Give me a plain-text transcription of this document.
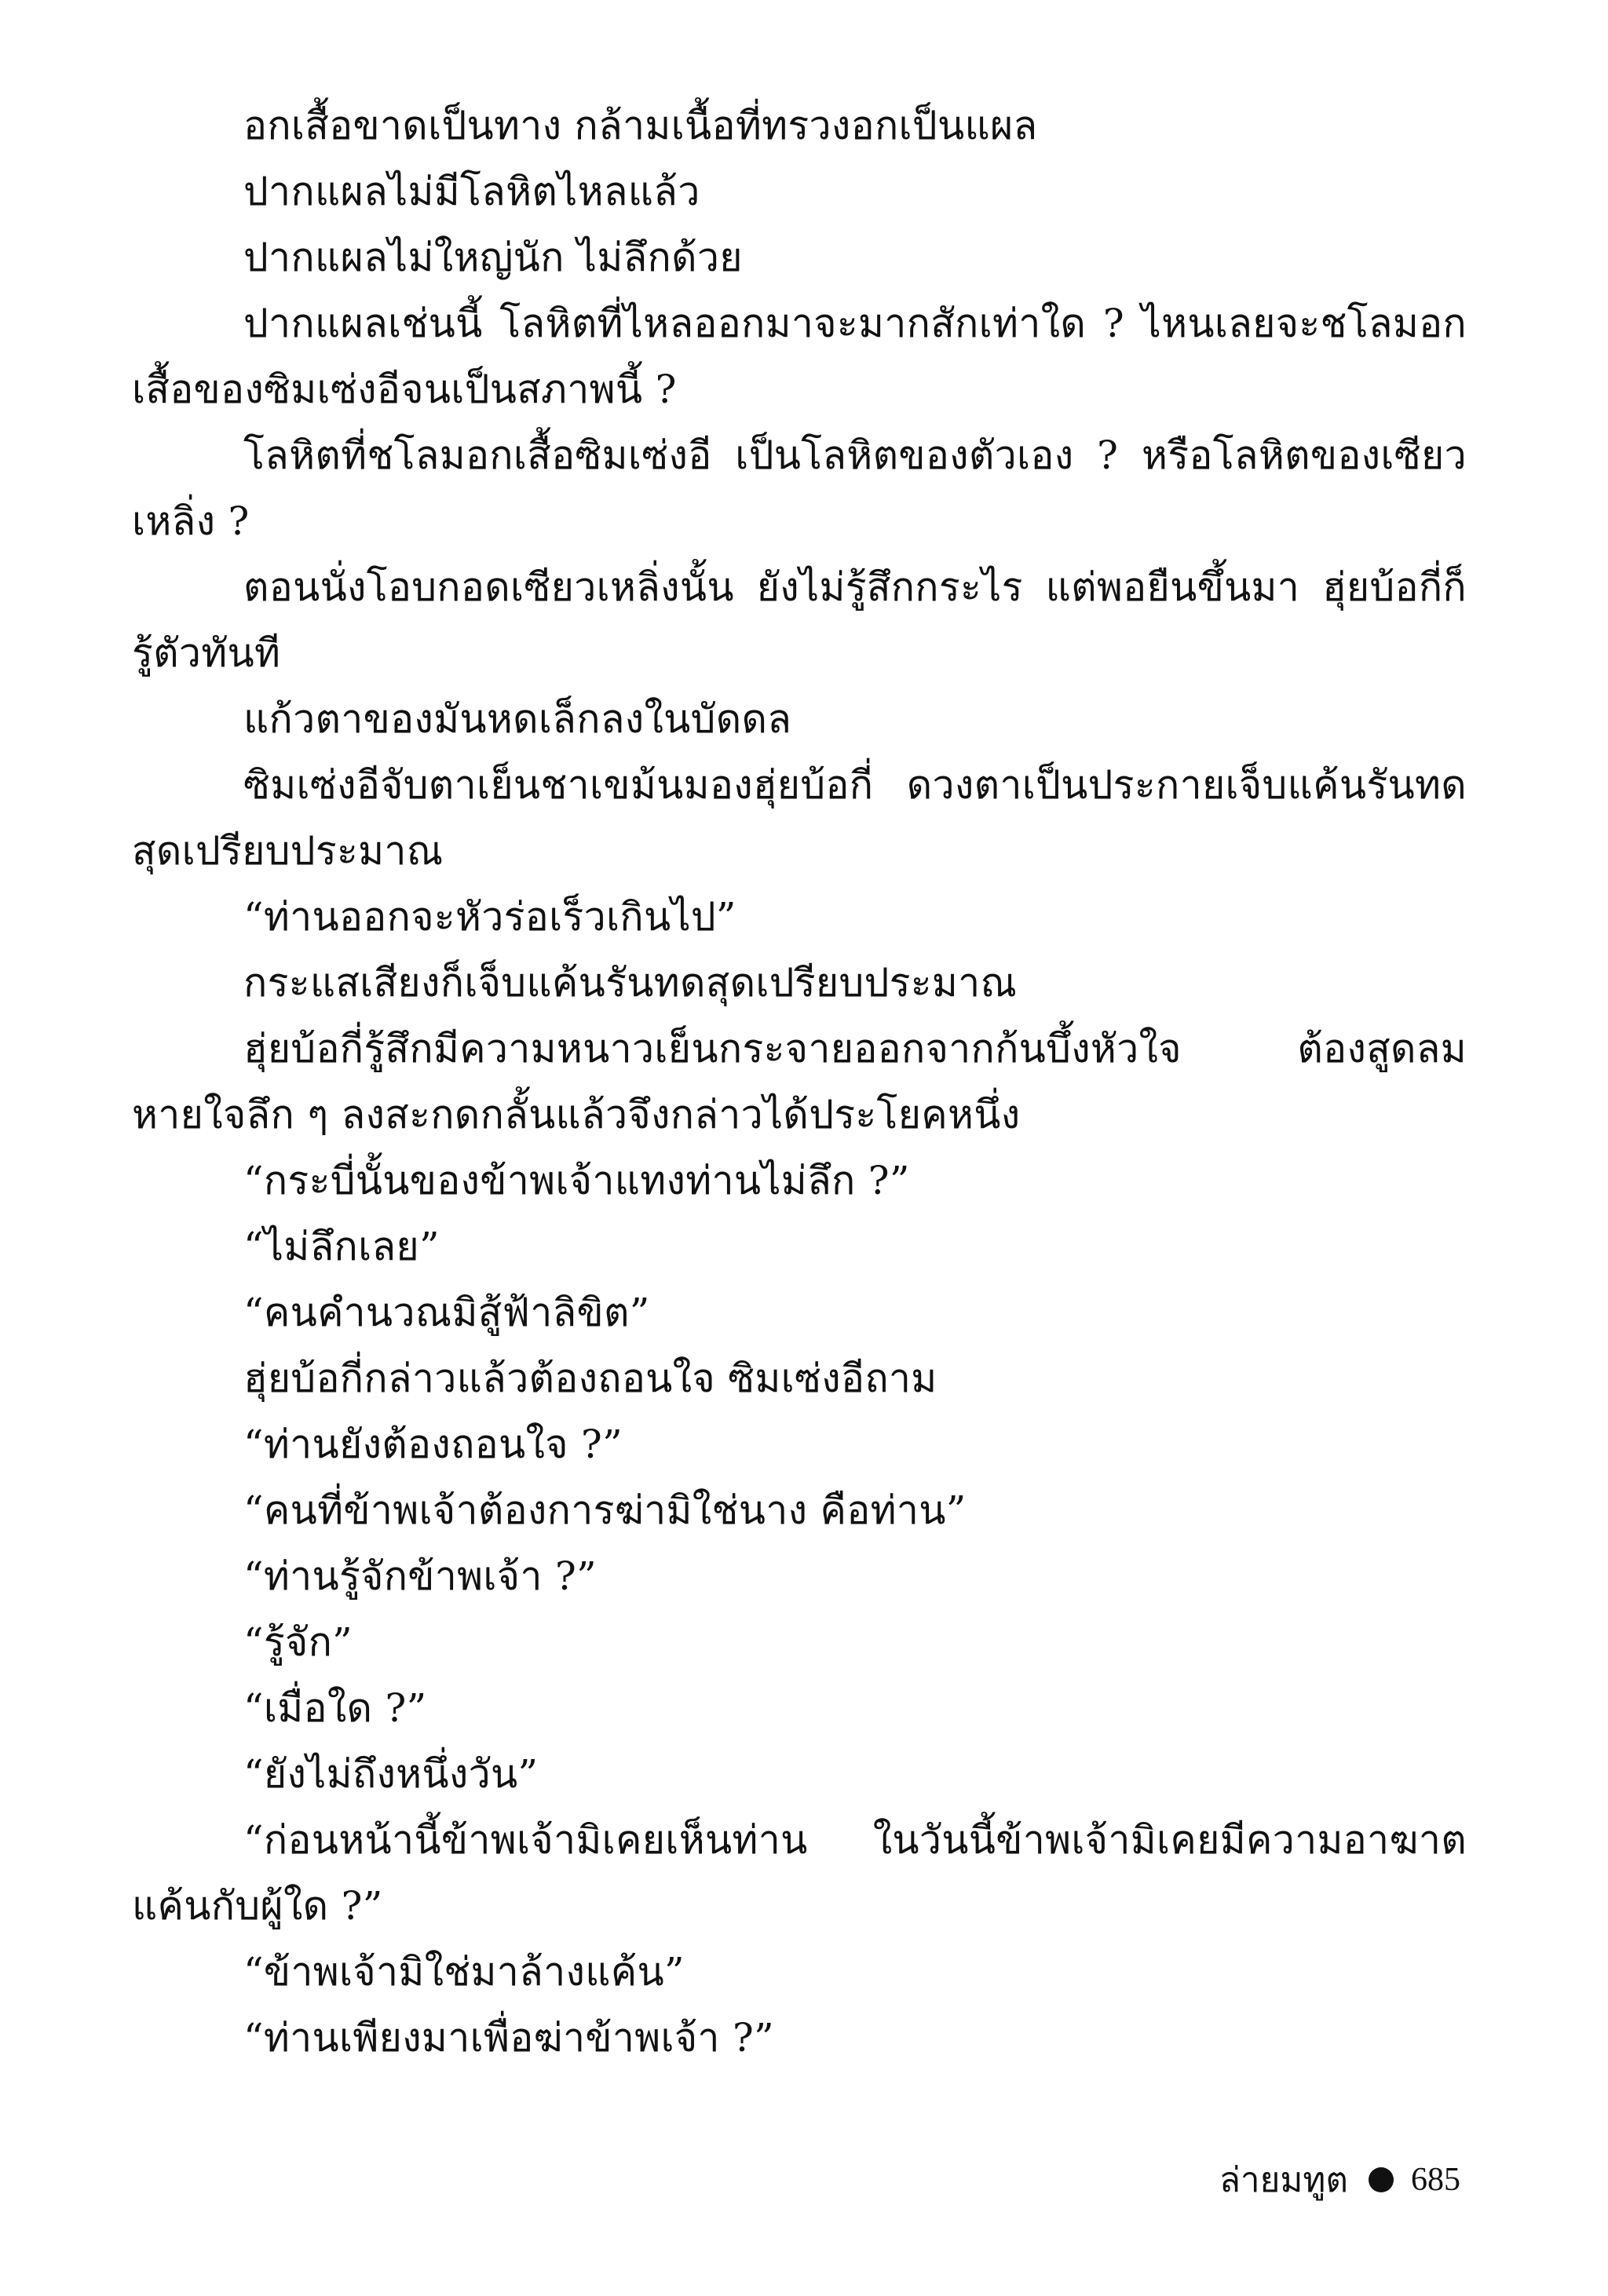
อกเสื้อขาดเป็นทาง กล้ามเนื้อที่ทรวงอกเป็นแผล

ปากแผลไม่มีโลหิตไหลแล้ว

ปากแผลไม่ใหญ่นัก ไม่ลึกด้วย

ปากแผลเช่นนี้ โลหิตที่ไหลออกมาจะมากสักเท่าใด ? ไหนเลยจะชโลมอกเสื้อของซิมเซ่งอีจนเป็นสภาพนี้ ?

โลหิตที่ชโลมอกเสื้อซิมเซ่งอี เป็นโลหิตของตัวเอง ? หรือโลหิตของเซียวเหลิ่ง ?

ตอนนั่งโอบกอดเซียวเหลิ่งนั้น ยังไม่รู้สึกกระไร แต่พอยืนขึ้นมา ฮุ่ยบ้อกี่ก็รู้ตัวทันที

แก้วตาของมันหดเล็กลงในบัดดล

ซิมเซ่งอีจับตาเย็นชาเขม้นมองฮุ่ยบ้อกี่ ดวงตาเป็นประกายเจ็บแค้นรันทดสุดเปรียบประมาณ

“ท่านออกจะหัวร่อเร็วเกินไป”

กระแสเสียงก็เจ็บแค้นรันทดสุดเปรียบประมาณ

ฮุ่ยบ้อกี่รู้สึกมีความหนาวเย็นกระจายออกจากก้นบึ้งหัวใจ ต้องสูดลมหายใจลึก ๆ ลงสะกดกลั้นแล้วจึงกล่าวได้ประโยคหนึ่ง

“กระบี่นั้นของข้าพเจ้าแทงท่านไม่ลึก ?”

“ไม่ลึกเลย”

“คนคำนวณมิสู้ฟ้าลิขิต”

ฮุ่ยบ้อกี่กล่าวแล้วต้องถอนใจ ซิมเซ่งอีถาม

“ท่านยังต้องถอนใจ ?”

“คนที่ข้าพเจ้าต้องการฆ่ามิใช่นาง คือท่าน”

“ท่านรู้จักข้าพเจ้า ?”

“รู้จัก”

“เมื่อใด ?”

“ยังไม่ถึงหนึ่งวัน”

“ก่อนหน้านี้ข้าพเจ้ามิเคยเห็นท่าน ในวันนี้ข้าพเจ้ามิเคยมีความอาฆาตแค้นกับผู้ใด ?”

“ข้าพเจ้ามิใช่มาล้างแค้น”

“ท่านเพียงมาเพื่อฆ่าข้าพเจ้า ?”

ล่ายมทูต 685
